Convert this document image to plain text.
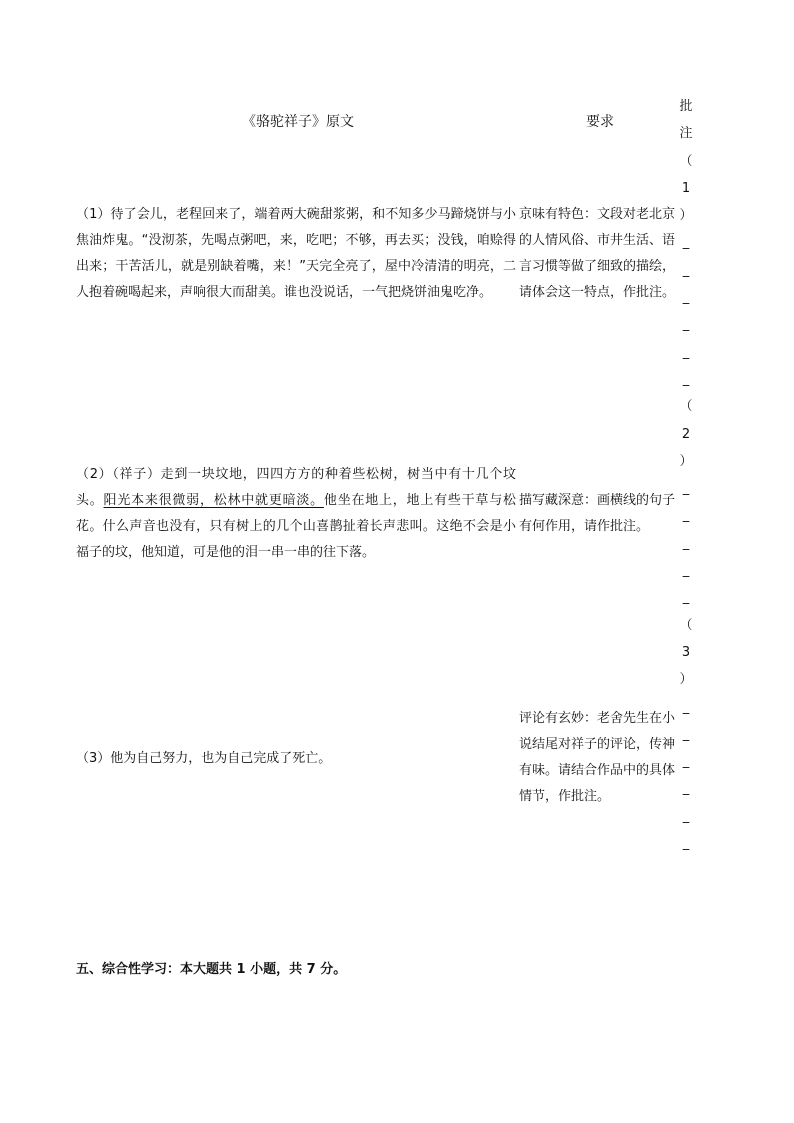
《骆驼祥子》原文	要求
批
注
（
1
）
_
_
_
_
_
_
（
2
）
_
_
_
_
_
（
3
）
_
_
_
_
_
_
（1）待了会儿，老程回来了，端着两大碗甜浆粥，和不知多少马蹄烧饼与小焦油炸鬼。“没沏茶，先喝点粥吧，来，吃吧；不够，再去买；没钱，咱赊得出来；干苦活儿，就是别缺着嘴，来！”天完全亮了，屋中冷清清的明亮，二人抱着碗喝起来，声响很大而甜美。谁也没说话，一气把烧饼油鬼吃净。
京味有特色：文段对老北京的人情风俗、市井生活、语言习惯等做了细致的描绘，请体会这一特点，作批注。
（2）（祥子）走到一块坟地，四四方方的种着些松树，树当中有十几个坟头。阳光本来很微弱，松林中就更暗淡。他坐在地上，地上有些干草与松花。什么声音也没有，只有树上的几个山喜鹊扯着长声悲叫。这绝不会是小福子的坟，他知道，可是他的泪一串一串的往下落。
描写藏深意：画横线的句子有何作用，请作批注。
（3）他为自己努力，也为自己完成了死亡。
评论有玄妙：老舍先生在小说结尾对祥子的评论，传神有味。请结合作品中的具体情节，作批注。
五、综合性学习：本大题共 1 小题，共 7 分。
